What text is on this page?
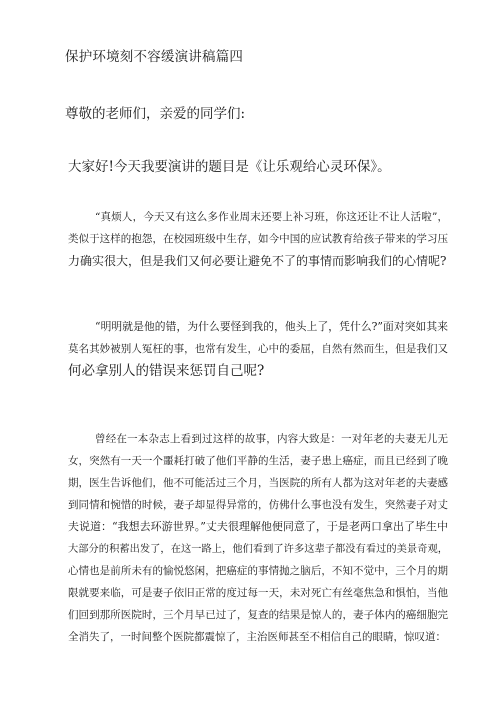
保护环境刻不容缓演讲稿篇四
尊敬的老师们，亲爱的同学们:
大家好!今天我要演讲的题目是《让乐观给心灵环保》。
“真烦人，今天又有这么多作业周末还要上补习班，你这还让不让人活啦”，
类似于这样的抱怨，在校园班级中生存，如今中国的应试教育给孩子带来的学习压
力确实很大，但是我们又何必要让避免不了的事情而影响我们的心情呢?
“明明就是他的错，为什么要怪到我的，他头上了，凭什么?”面对突如其来
莫名其妙被别人冤枉的事，也常有发生，心中的委屈，自然有然而生，但是我们又
何必拿别人的错误来惩罚自己呢?
曾经在一本杂志上看到过这样的故事，内容大致是：一对年老的夫妻无儿无
女，突然有一天一个噩耗打破了他们平静的生活，妻子患上癌症，而且已经到了晚
期，医生告诉他们，他不可能活过三个月，当医院的所有人都为这对年老的夫妻感
到同情和惋惜的时候，妻子却显得异常的，仿佛什么事也没有发生，突然妻子对丈
夫说道：“我想去环游世界。”丈夫很理解他便同意了，于是老两口拿出了毕生中
大部分的积蓄出发了，在这一路上，他们看到了许多这辈子都没有看过的美景奇观，
心情也是前所未有的愉悦悠闲，把癌症的事情抛之脑后，不知不觉中，三个月的期
限就要来临，可是妻子依旧正常的度过每一天，未对死亡有丝毫焦急和惧怕，当他
们回到那所医院时，三个月早已过了，复查的结果是惊人的，妻子体内的癌细胞完
全消失了，一时间整个医院都震惊了，主治医师甚至不相信自己的眼睛，惊叹道：
